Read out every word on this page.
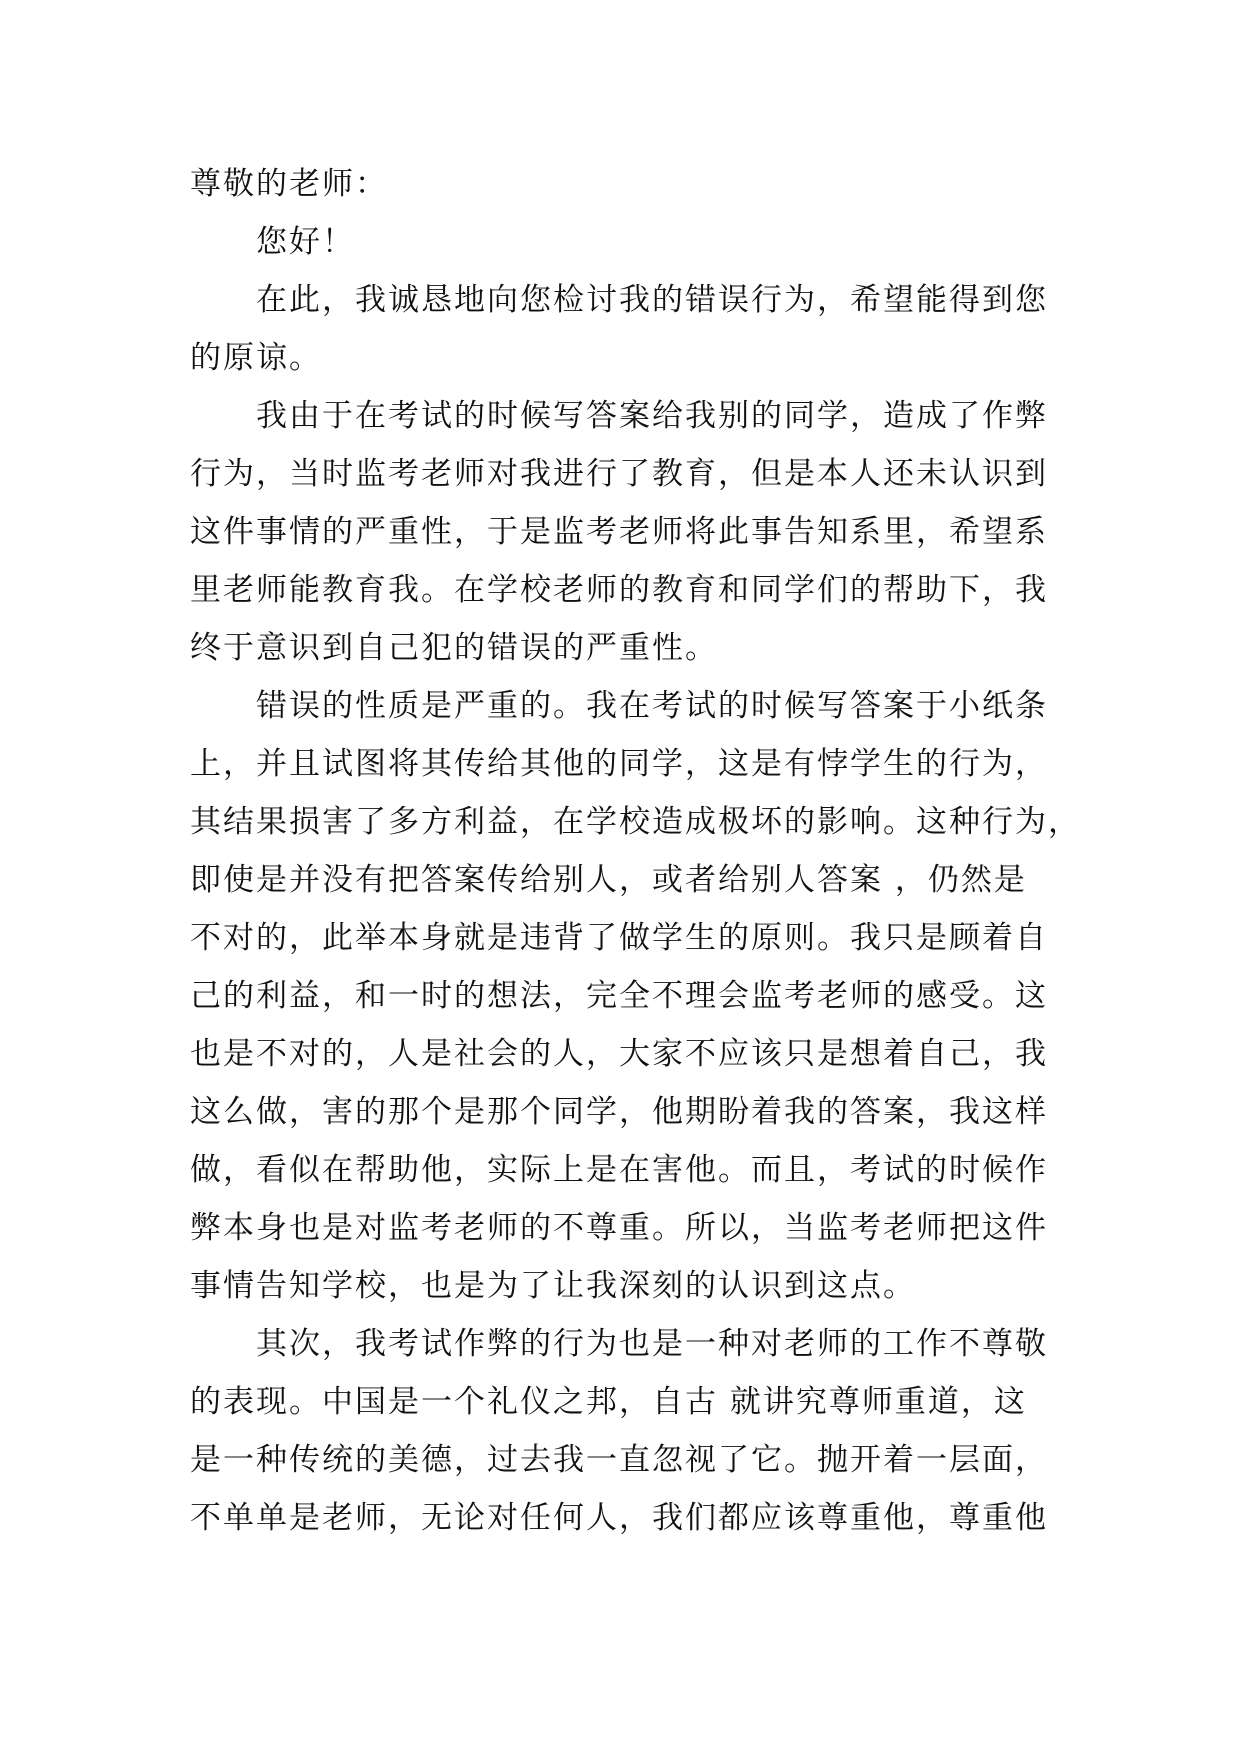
尊敬的老师：
您好！
在此，我诚恳地向您检讨我的错误行为，希望能得到您
的原谅。
我由于在考试的时候写答案给我别的同学，造成了作弊
行为，当时监考老师对我进行了教育，但是本人还未认识到
这件事情的严重性，于是监考老师将此事告知系里，希望系
里老师能教育我。在学校老师的教育和同学们的帮助下，我
终于意识到自己犯的错误的严重性。
错误的性质是严重的。我在考试的时候写答案于小纸条
上，并且试图将其传给其他的同学，这是有悖学生的行为，
其结果损害了多方利益，在学校造成极坏的影响。这种行为，
即使是并没有把答案传给别人，或者给别人答案 ，仍然是
不对的，此举本身就是违背了做学生的原则。我只是顾着自
己的利益，和一时的想法，完全不理会监考老师的感受。这
也是不对的，人是社会的人，大家不应该只是想着自己，我
这么做，害的那个是那个同学，他期盼着我的答案，我这样
做，看似在帮助他，实际上是在害他。而且，考试的时候作
弊本身也是对监考老师的不尊重。所以，当监考老师把这件
事情告知学校，也是为了让我深刻的认识到这点。
其次，我考试作弊的行为也是一种对老师的工作不尊敬
的表现。中国是一个礼仪之邦，自古 就讲究尊师重道，这
是一种传统的美德，过去我一直忽视了它。抛开着一层面，
不单单是老师，无论对任何人，我们都应该尊重他，尊重他
